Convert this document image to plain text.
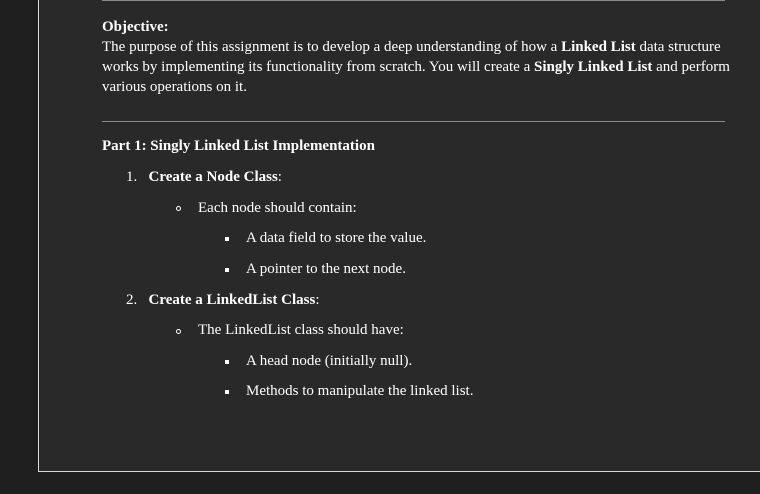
Objective:
The purpose of this assignment is to develop a deep understanding of how a Linked List data structure works by implementing its functionality from scratch. You will create a Singly Linked List and perform various operations on it.
Part 1: Singly Linked List Implementation
1. Create a Node Class:
Each node should contain:
A data field to store the value.
A pointer to the next node.
2. Create a LinkedList Class:
The LinkedList class should have:
A head node (initially null).
Methods to manipulate the linked list.
